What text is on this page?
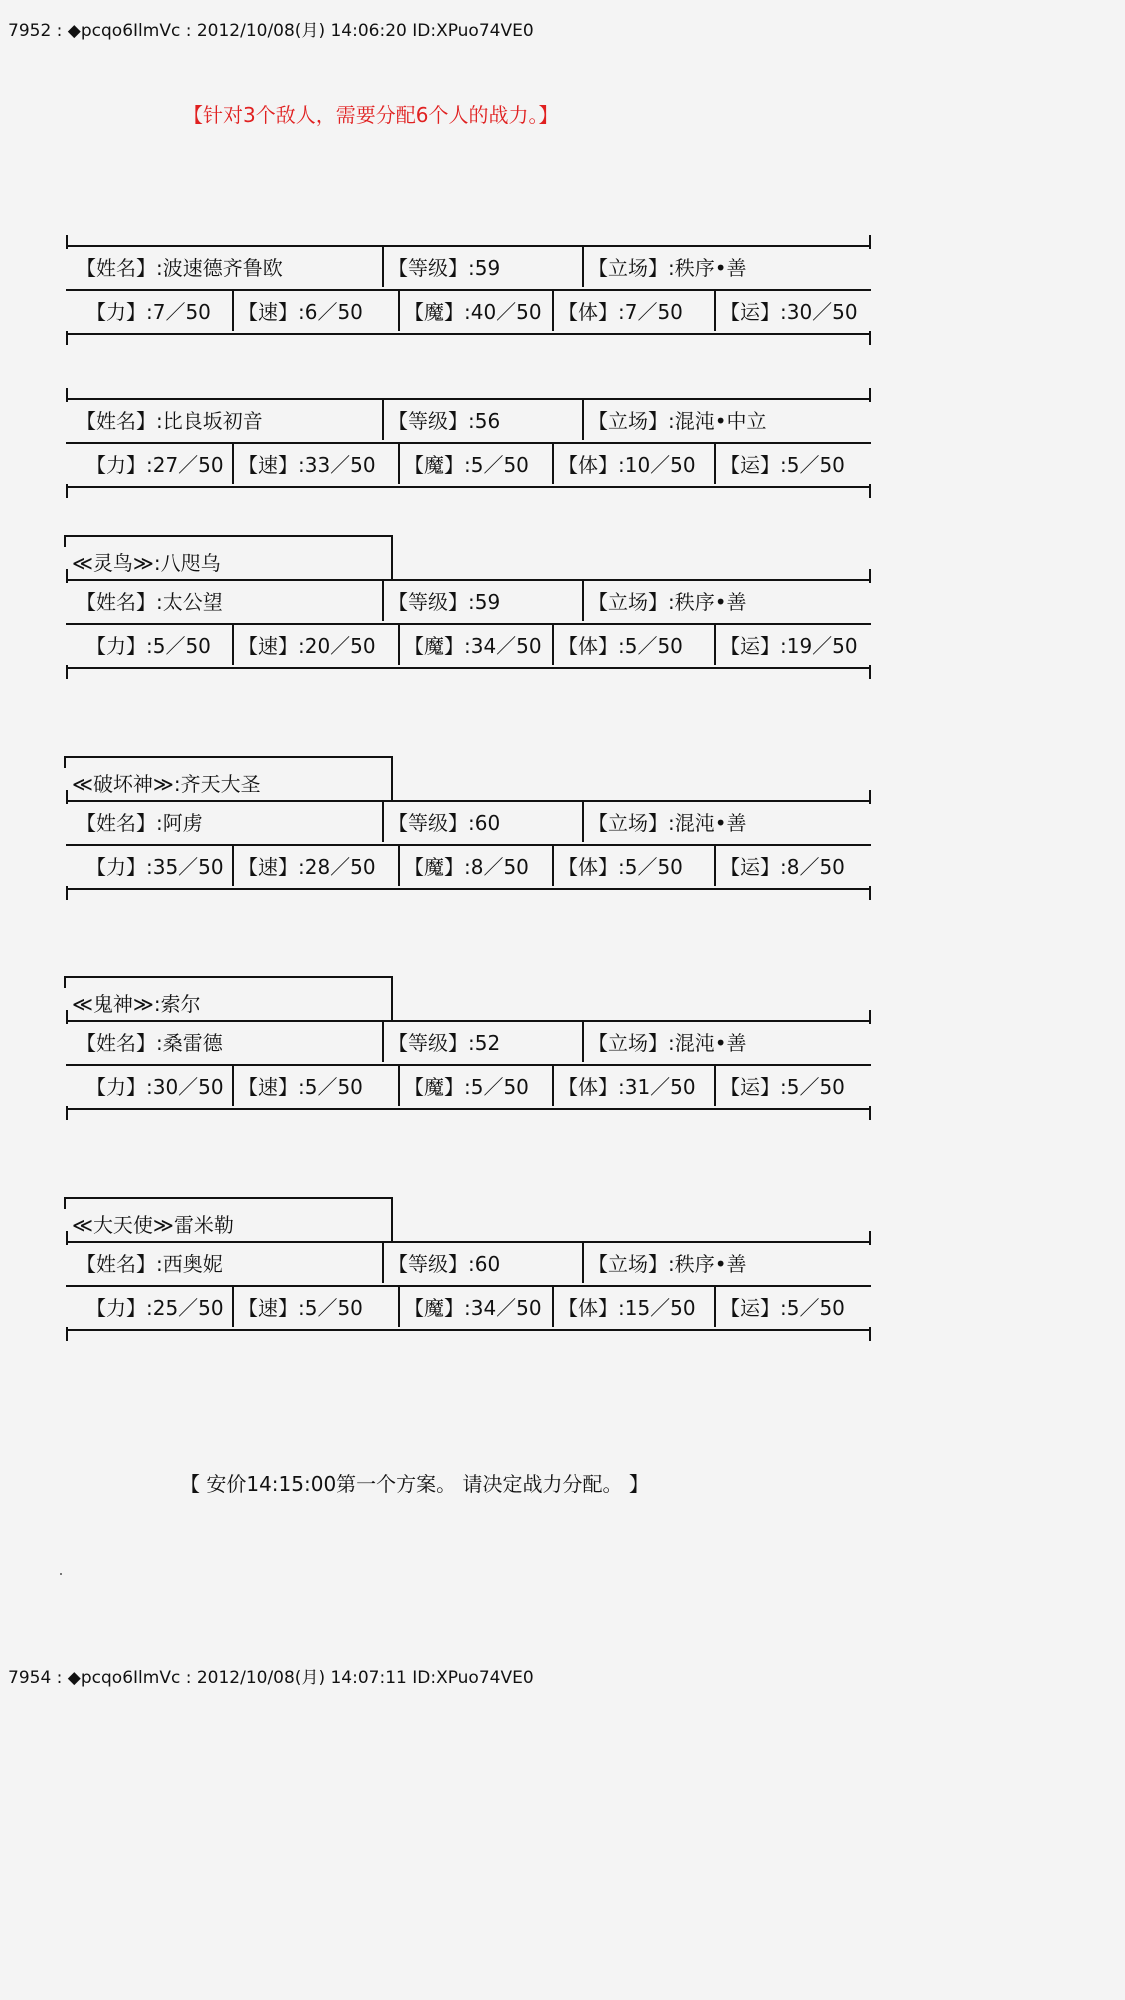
7952 : ◆pcqo6IlmVc : 2012/10/08(月) 14:06:20 ID:XPuo74VE0
【针对3个敌人，需要分配6个人的战力。】
【姓名】:波速德齐鲁欧	【等级】:59	【立场】:秩序•善
【力】:7／50 【速】:6／50 【魔】:40／50 【体】:7／50 【运】:30／50
【姓名】:比良坂初音	【等级】:56	【立场】:混沌•中立
【力】:27／50 【速】:33／50 【魔】:5／50 【体】:10／50 【运】:5／50
≪灵鸟≫:八咫乌
【姓名】:太公望	【等级】:59	【立场】:秩序•善
【力】:5／50 【速】:20／50 【魔】:34／50 【体】:5／50 【运】:19／50
≪破坏神≫:齐天大圣
【姓名】:阿虏	【等级】:60	【立场】:混沌•善
【力】:35／50 【速】:28／50 【魔】:8／50 【体】:5／50 【运】:8／50
≪鬼神≫:索尔
【姓名】:桑雷德	【等级】:52	【立场】:混沌•善
【力】:30／50 【速】:5／50 【魔】:5／50 【体】:31／50 【运】:5／50
≪大天使≫雷米勒
【姓名】:西奥妮	【等级】:60	【立场】:秩序•善
【力】:25／50 【速】:5／50 【魔】:34／50 【体】:15／50 【运】:5／50
【 安价14:15:00第一个方案。 请决定战力分配。 】
7954 : ◆pcqo6IlmVc : 2012/10/08(月) 14:07:11 ID:XPuo74VE0
